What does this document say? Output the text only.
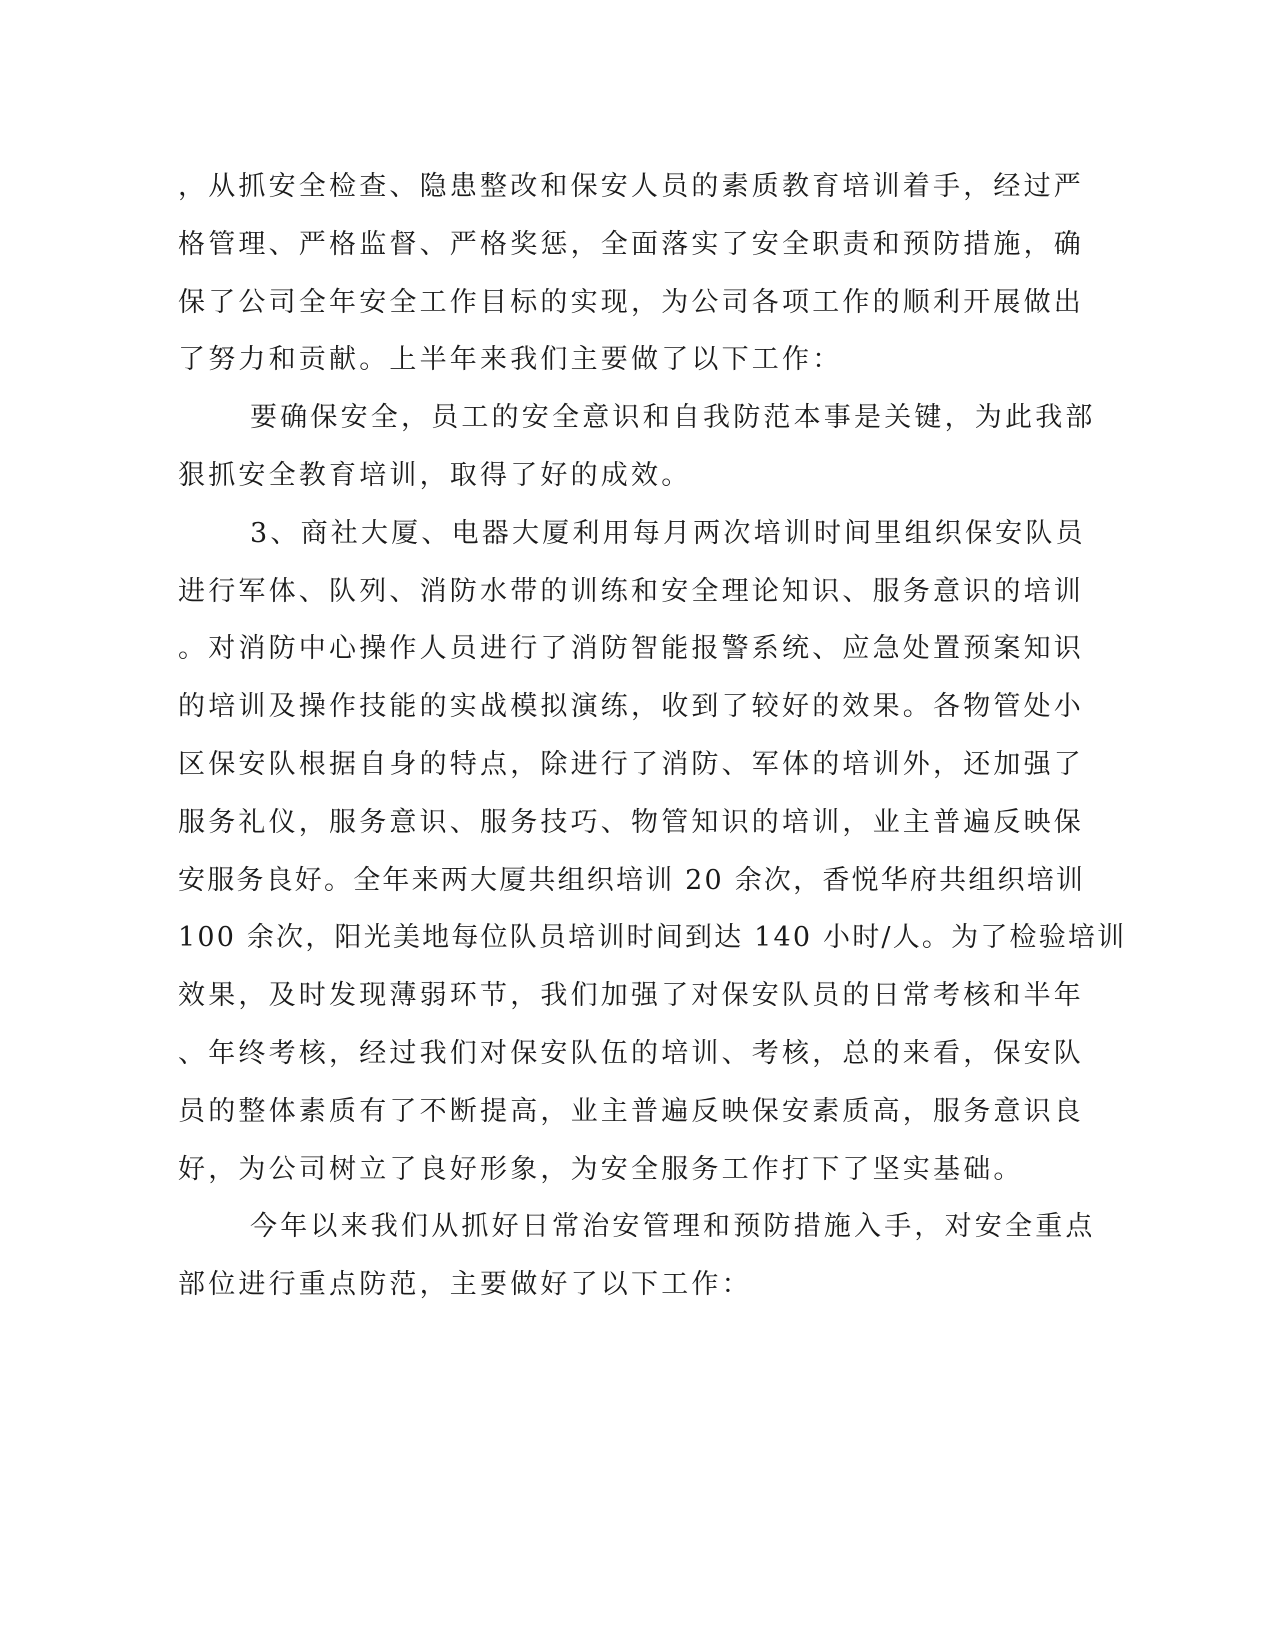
，从抓安全检查、隐患整改和保安人员的素质教育培训着手，经过严
格管理、严格监督、严格奖惩，全面落实了安全职责和预防措施，确
保了公司全年安全工作目标的实现，为公司各项工作的顺利开展做出
了努力和贡献。上半年来我们主要做了以下工作：
要确保安全，员工的安全意识和自我防范本事是关键，为此我部
狠抓安全教育培训，取得了好的成效。
3、商社大厦、电器大厦利用每月两次培训时间里组织保安队员
进行军体、队列、消防水带的训练和安全理论知识、服务意识的培训
。对消防中心操作人员进行了消防智能报警系统、应急处置预案知识
的培训及操作技能的实战模拟演练，收到了较好的效果。各物管处小
区保安队根据自身的特点，除进行了消防、军体的培训外，还加强了
服务礼仪，服务意识、服务技巧、物管知识的培训，业主普遍反映保
安服务良好。全年来两大厦共组织培训 20 余次，香悦华府共组织培训
100 余次，阳光美地每位队员培训时间到达 140 小时/人。为了检验培训
效果，及时发现薄弱环节，我们加强了对保安队员的日常考核和半年
、年终考核，经过我们对保安队伍的培训、考核，总的来看，保安队
员的整体素质有了不断提高，业主普遍反映保安素质高，服务意识良
好，为公司树立了良好形象，为安全服务工作打下了坚实基础。
今年以来我们从抓好日常治安管理和预防措施入手，对安全重点
部位进行重点防范，主要做好了以下工作：
